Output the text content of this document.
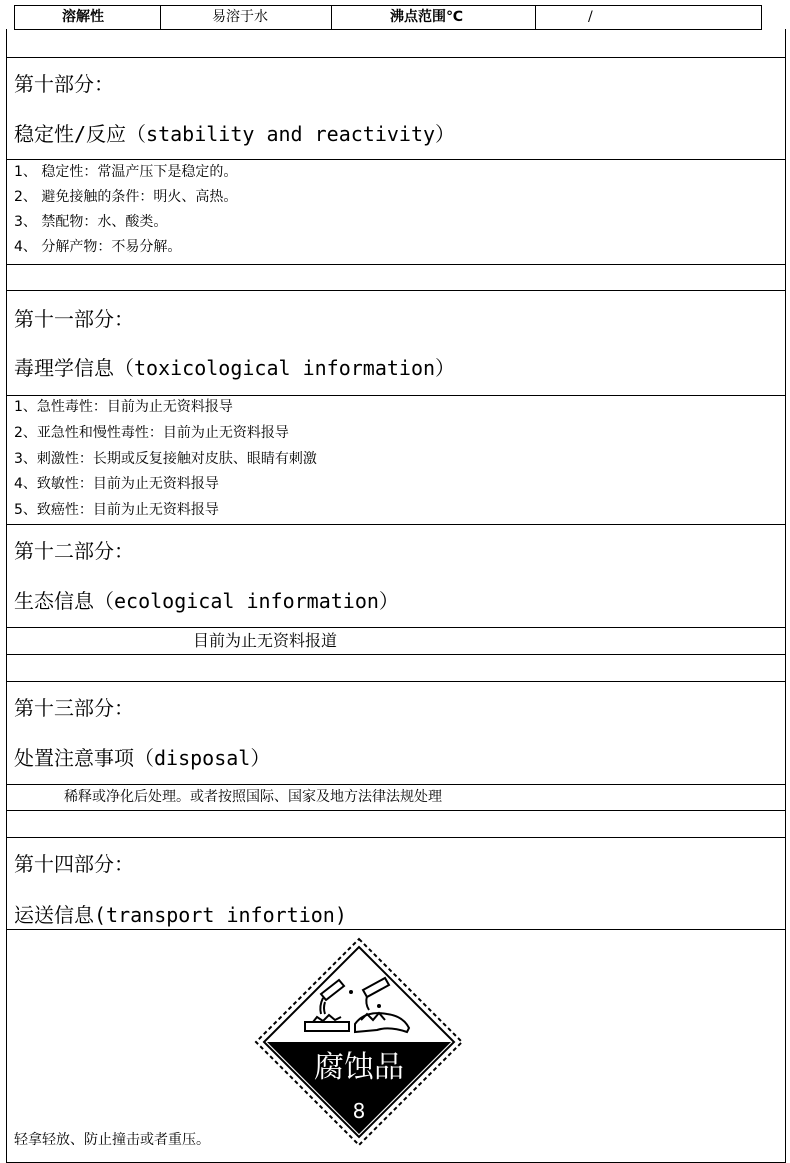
溶解性	易溶于水	沸点范围℃	/
第十部分：
稳定性/反应（stability and reactivity）
1、 稳定性：常温产压下是稳定的。
2、 避免接触的条件：明火、高热。
3、 禁配物：水、酸类。
4、 分解产物：不易分解。
第十一部分：
毒理学信息（toxicological information）
1、急性毒性：目前为止无资料报导
2、亚急性和慢性毒性：目前为止无资料报导
3、刺激性：长期或反复接触对皮肤、眼睛有刺激
4、致敏性：目前为止无资料报导
5、致癌性：目前为止无资料报导
第十二部分：
生态信息（ecological information）
目前为止无资料报道
第十三部分：
处置注意事项（disposal）
稀释或净化后处理。或者按照国际、国家及地方法律法规处理
第十四部分：
运送信息(transport infortion)
腐蚀品
8
轻拿轻放、防止撞击或者重压。
